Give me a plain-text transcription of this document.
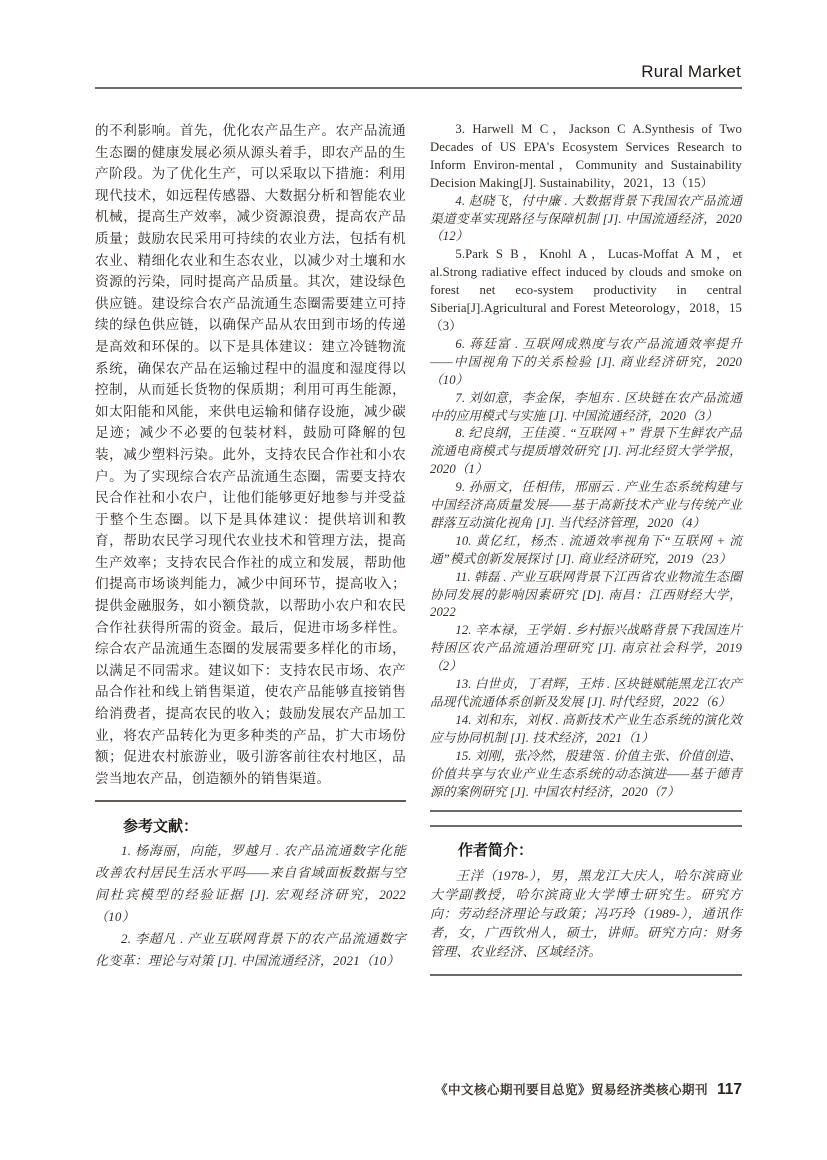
Rural Market

的不利影响。首先，优化农产品生产。农产品流通生态圈的健康发展必须从源头着手，即农产品的生产阶段。为了优化生产，可以采取以下措施：利用现代技术，如远程传感器、大数据分析和智能农业机械，提高生产效率，减少资源浪费，提高农产品质量；鼓励农民采用可持续的农业方法，包括有机农业、精细化农业和生态农业，以减少对土壤和水资源的污染，同时提高产品质量。其次，建设绿色供应链。建设综合农产品流通生态圈需要建立可持续的绿色供应链，以确保产品从农田到市场的传递是高效和环保的。以下是具体建议：建立冷链物流系统，确保农产品在运输过程中的温度和湿度得以控制，从而延长货物的保质期；利用可再生能源，如太阳能和风能，来供电运输和储存设施，减少碳足迹；减少不必要的包装材料，鼓励可降解的包装，减少塑料污染。此外，支持农民合作社和小农户。为了实现综合农产品流通生态圈，需要支持农民合作社和小农户，让他们能够更好地参与并受益于整个生态圈。以下是具体建议：提供培训和教育，帮助农民学习现代农业技术和管理方法，提高生产效率；支持农民合作社的成立和发展，帮助他们提高市场谈判能力，减少中间环节，提高收入；提供金融服务，如小额贷款，以帮助小农户和农民合作社获得所需的资金。最后，促进市场多样性。综合农产品流通生态圈的发展需要多样化的市场，以满足不同需求。建议如下：支持农民市场、农产品合作社和线上销售渠道，使农产品能够直接销售给消费者，提高农民的收入；鼓励发展农产品加工业，将农产品转化为更多种类的产品，扩大市场份额；促进农村旅游业，吸引游客前往农村地区，品尝当地农产品，创造额外的销售渠道。

参考文献：

1. 杨海丽，向能，罗越月 . 农产品流通数字化能改善农村居民生活水平吗——来自省域面板数据与空间杜宾模型的经验证据 [J]. 宏观经济研究，2022（10）

2. 李超凡 . 产业互联网背景下的农产品流通数字化变革：理论与对策 [J]. 中国流通经济，2021（10）

3. Harwell M C，Jackson C A.Synthesis of Two Decades of US EPA's Ecosystem Services Research to Inform Environ-mental，Community and Sustainability Decision Making[J]. Sustainability，2021，13（15）

4. 赵晓飞，付中廉 . 大数据背景下我国农产品流通渠道变革实现路径与保障机制 [J]. 中国流通经济，2020（12）

5.Park S B，Knohl A，Lucas-Moffat A M，et al.Strong radiative effect induced by clouds and smoke on forest net eco-system productivity in central Siberia[J].Agricultural and Forest Meteorology，2018，15（3）

6. 蒋廷富 . 互联网成熟度与农产品流通效率提升——中国视角下的关系检验 [J]. 商业经济研究，2020（10）

7. 刘如意，李金保，李旭东 . 区块链在农产品流通中的应用模式与实施 [J]. 中国流通经济，2020（3）

8. 纪良纲，王佳漠 . “互联网 +” 背景下生鲜农产品流通电商模式与提质增效研究 [J]. 河北经贸大学学报，2020（1）

9. 孙丽文，任相伟，邢丽云 . 产业生态系统构建与中国经济高质量发展——基于高新技术产业与传统产业群落互动演化视角 [J]. 当代经济管理，2020（4）

10. 黄亿红，杨杰 . 流通效率视角下“互联网 + 流通”模式创新发展探讨 [J]. 商业经济研究，2019（23）

11. 韩磊 . 产业互联网背景下江西省农业物流生态圈协同发展的影响因素研究 [D]. 南昌：江西财经大学，2022

12. 辛本禄，王学娟 . 乡村振兴战略背景下我国连片特困区农产品流通治理研究 [J]. 南京社会科学，2019（2）

13. 白世贞，丁君辉，王炜 . 区块链赋能黑龙江农产品现代流通体系创新及发展 [J]. 时代经贸，2022（6）

14. 刘和东，刘权 . 高新技术产业生态系统的演化效应与协同机制 [J]. 技术经济，2021（1）

15. 刘刚，张冷然，殷建瓴 . 价值主张、价值创造、价值共享与农业产业生态系统的动态演进——基于德青源的案例研究 [J]. 中国农村经济，2020（7）

作者简介：

王洋（1978-），男，黑龙江大庆人，哈尔滨商业大学副教授，哈尔滨商业大学博士研究生。研究方向：劳动经济理论与政策；冯巧玲（1989-），通讯作者，女，广西钦州人，硕士，讲师。研究方向：财务管理、农业经济、区域经济。

《中文核心期刊要目总览》贸易经济类核心期刊 117
